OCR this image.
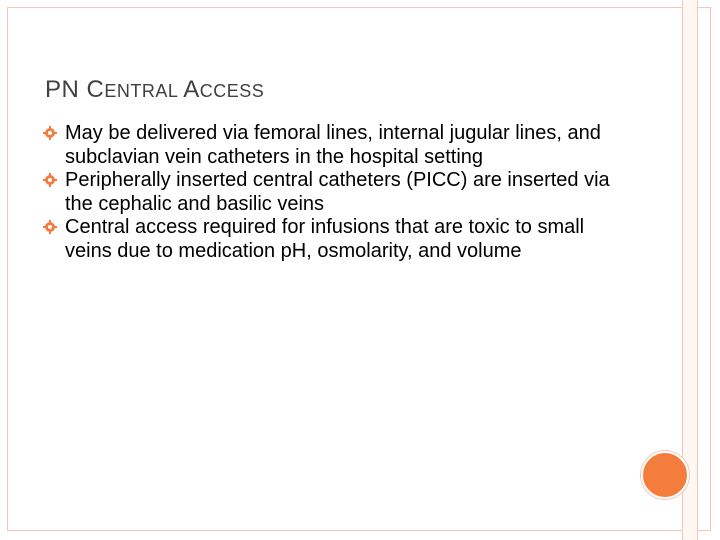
PN CENTRAL ACCESS
May be delivered via femoral lines, internal jugular lines, and subclavian vein catheters in the hospital setting
Peripherally inserted central catheters (PICC) are inserted via the cephalic and basilic veins
Central access required for infusions that are toxic to small veins due to medication pH, osmolarity, and volume
